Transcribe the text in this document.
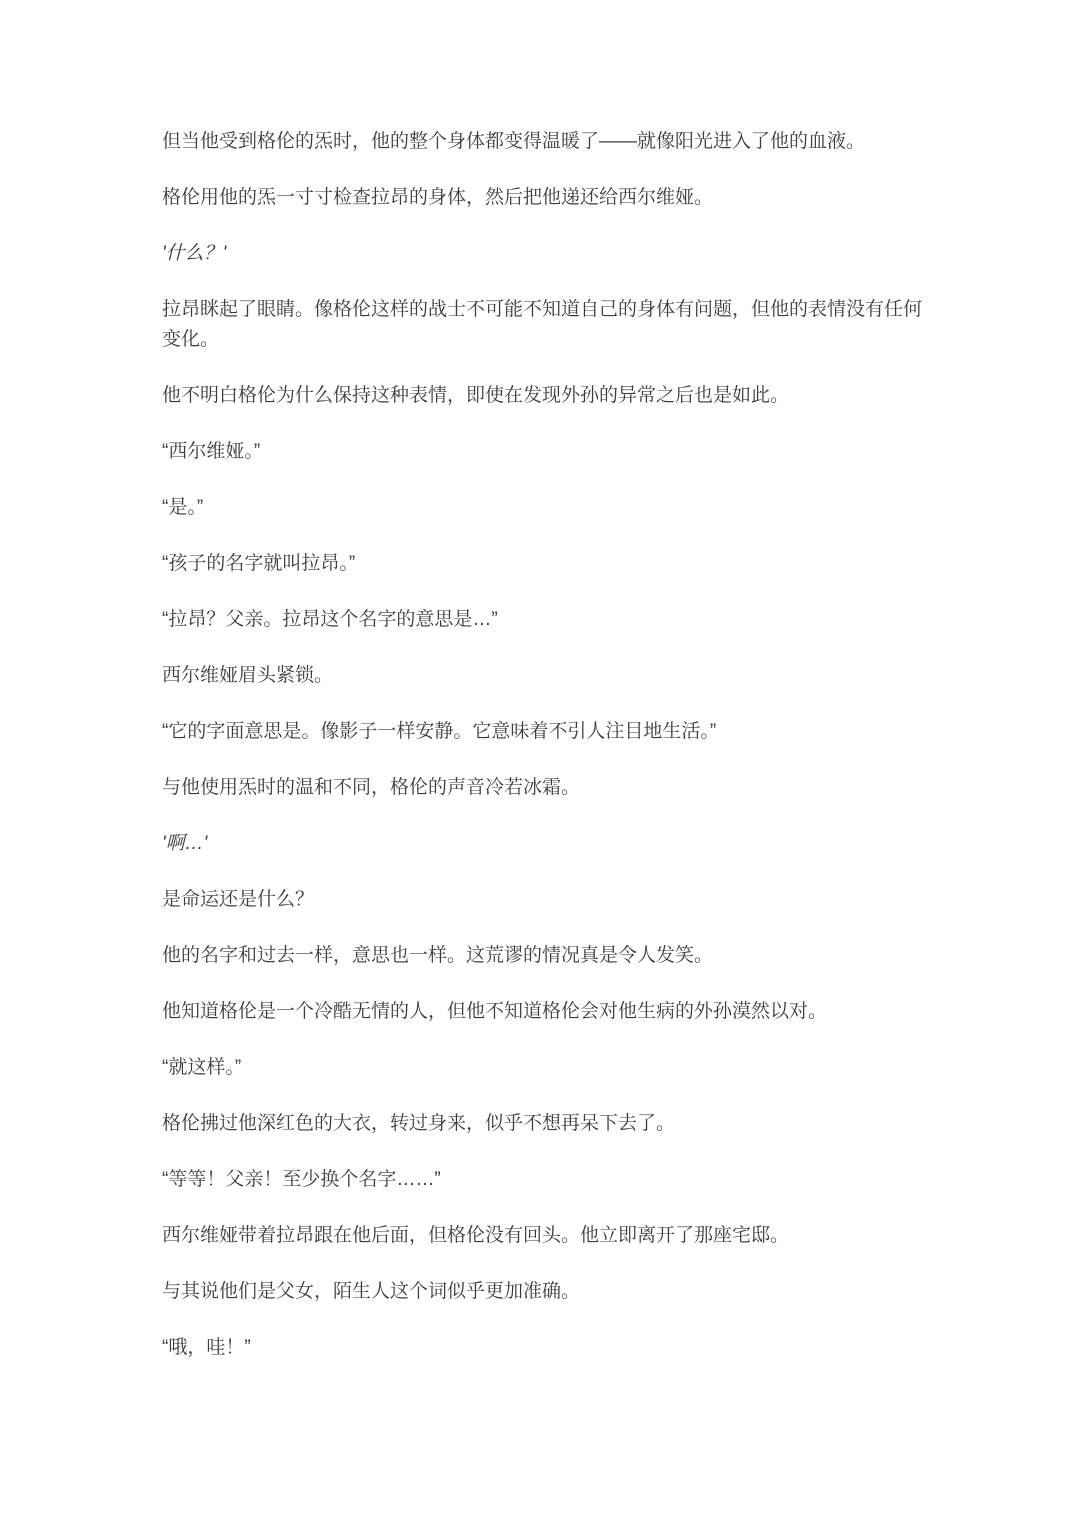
但当他受到格伦的炁时，他的整个身体都变得温暖了——就像阳光进入了他的血液。

格伦用他的炁一寸寸检查拉昂的身体，然后把他递还给西尔维娅。

'什么？'

拉昂眯起了眼睛。像格伦这样的战士不可能不知道自己的身体有问题，但他的表情没有任何变化。

他不明白格伦为什么保持这种表情，即使在发现外孙的异常之后也是如此。

“西尔维娅。”

“是。”

“孩子的名字就叫拉昂。”

“拉昂？父亲。拉昂这个名字的意思是…”

西尔维娅眉头紧锁。

“它的字面意思是。像影子一样安静。它意味着不引人注目地生活。”

与他使用炁时的温和不同，格伦的声音冷若冰霜。

'啊…'

是命运还是什么？

他的名字和过去一样，意思也一样。这荒谬的情况真是令人发笑。

他知道格伦是一个冷酷无情的人，但他不知道格伦会对他生病的外孙漠然以对。

“就这样。”

格伦拂过他深红色的大衣，转过身来，似乎不想再呆下去了。

“等等！父亲！至少换个名字……”

西尔维娅带着拉昂跟在他后面，但格伦没有回头。他立即离开了那座宅邸。

与其说他们是父女，陌生人这个词似乎更加准确。

“哦，哇！”
